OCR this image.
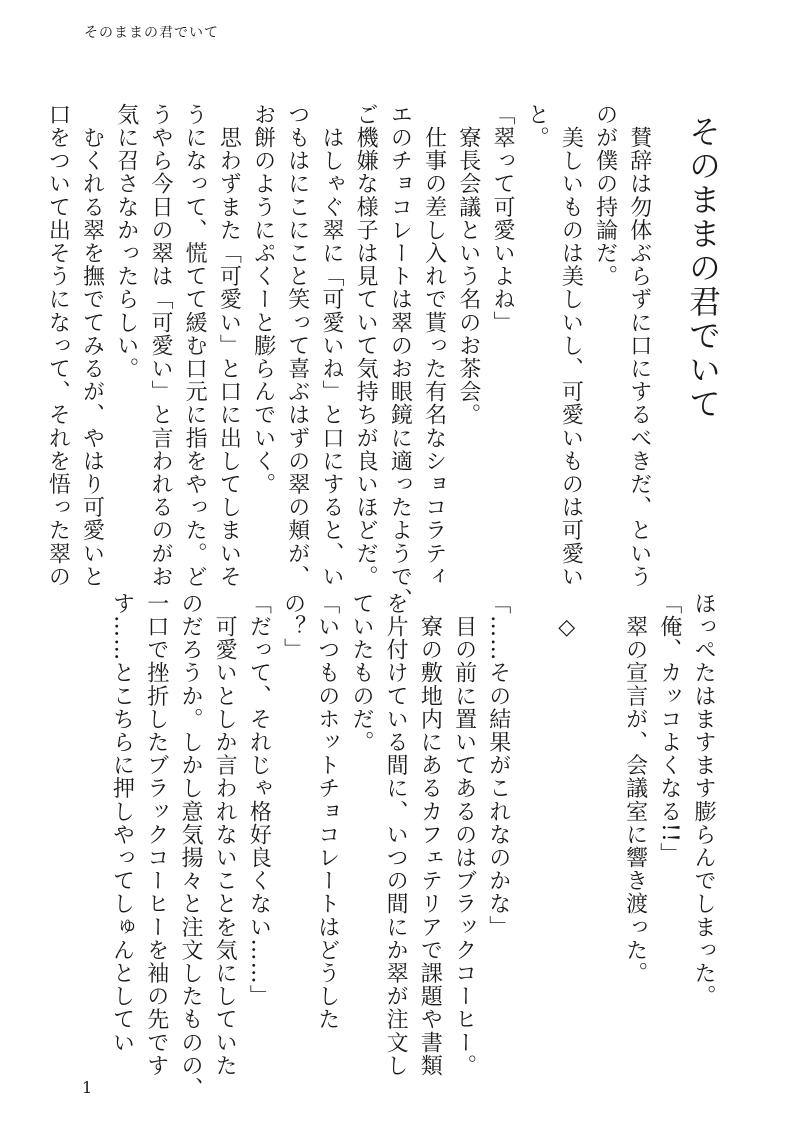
そのままの君でいて
そのままの君でいて
　賛辞は勿体ぶらずに口にするべきだ、という
のが僕の持論だ。
　美しいものは美しいし、可愛いものは可愛い
と。
「翠って可愛いよね」
　寮長会議という名のお茶会。
　仕事の差し入れで貰った有名なショコラティ
エのチョコレートは翠のお眼鏡に適ったようで、
ご機嫌な様子は見ていて気持ちが良いほどだ。
　はしゃぐ翠に「可愛いね」と口にすると、い
つもはにこにこと笑って喜ぶはずの翠の頬が、
お餅のようにぷくーと膨らんでいく。
　思わずまた「可愛い」と口に出してしまいそ
うになって、慌てて緩む口元に指をやった。ど
うやら今日の翠は「可愛い」と言われるのがお
気に召さなかったらしい。
　むくれる翠を撫でてみるが、やはり可愛いと
口をついて出そうになって、それを悟った翠の
ほっぺたはますます膨らんでしまった。
「俺、カッコよくなる!!」
　翠の宣言が、会議室に響き渡った。
　◇
「……その結果がこれなのかな」
　目の前に置いてあるのはブラックコーヒー。
　寮の敷地内にあるカフェテリアで課題や書類
を片付けている間に、いつの間にか翠が注文し
ていたものだ。
「いつものホットチョコレートはどうした
の？」
「だって、それじゃ格好良くない……」
　可愛いとしか言われないことを気にしていた
のだろうか。しかし意気揚々と注文したものの、
一口で挫折したブラックコーヒーを袖の先です
す……とこちらに押しやってしゅんとしてい
1
